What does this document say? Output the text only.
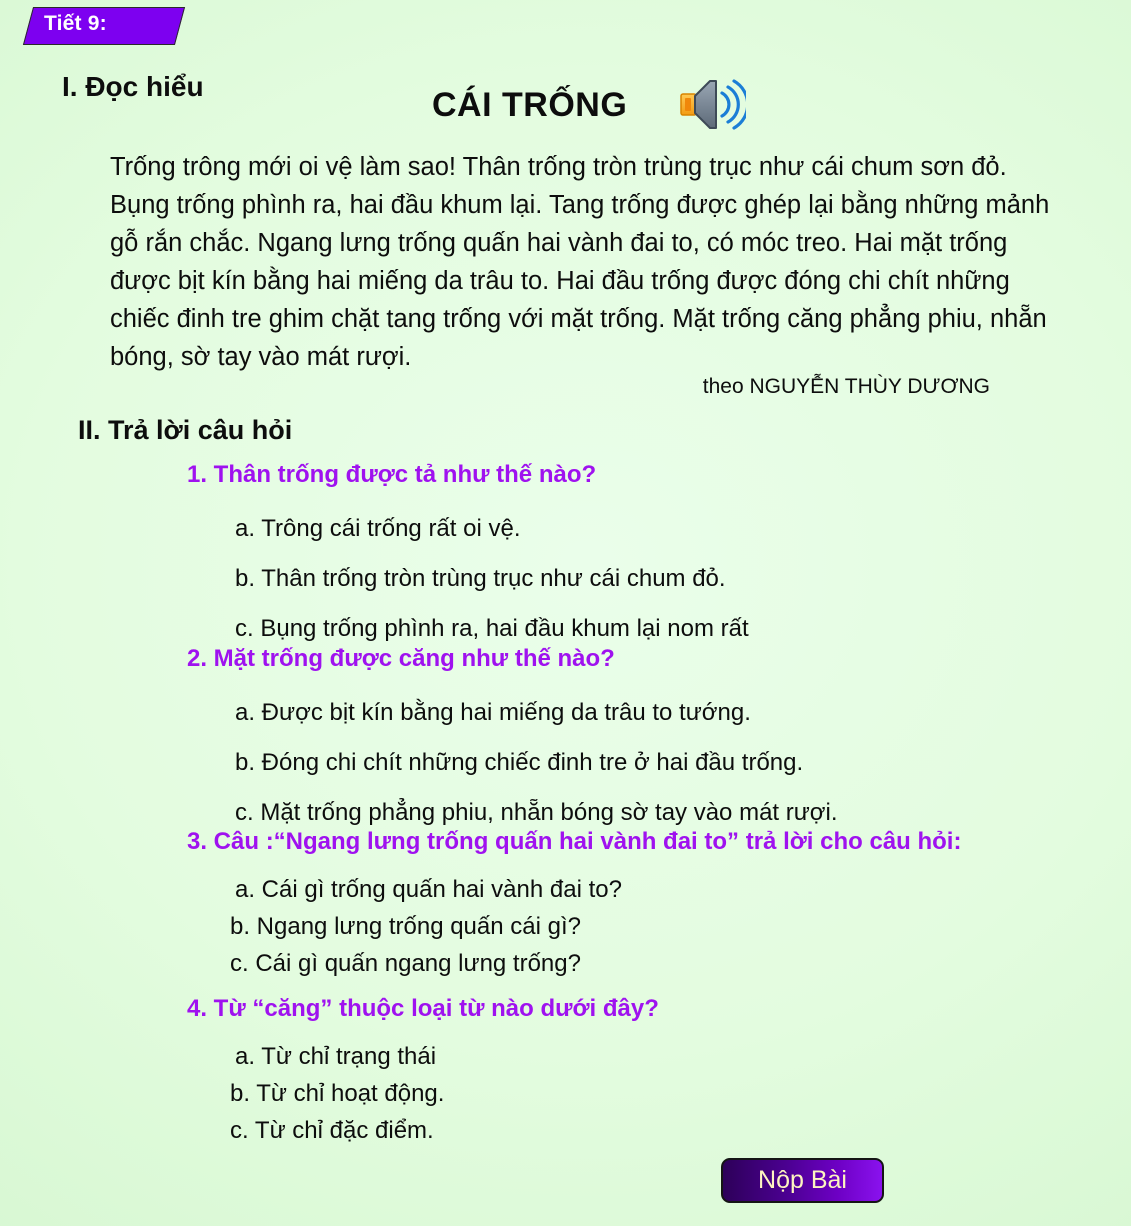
Tiết 9:
I. Đọc hiểu	CÁI TRỐNG
Trống trông mới oi vệ làm sao! Thân trống tròn trùng trục như cái chum sơn đỏ. Bụng trống phình ra, hai đầu khum lại. Tang trống được ghép lại bằng những mảnh gỗ rắn chắc. Ngang lưng trống quấn hai vành đai to, có móc treo. Hai mặt trống được bịt kín bằng hai miếng da trâu to. Hai đầu trống được đóng chi chít những chiếc đinh tre ghim chặt tang trống với mặt trống. Mặt trống căng phẳng phiu, nhẵn bóng, sờ tay vào mát rượi.
theo NGUYỄN THÙY DƯƠNG
II. Trả lời câu hỏi

1. Thân trống được tả như thế nào?

a. Trông cái trống rất oi vệ.

b. Thân trống tròn trùng trục như cái chum đỏ.

c. Bụng trống phình ra, hai đầu khum lại nom rất

2. Mặt trống được căng như thế nào?

a. Được bịt kín bằng hai miếng da trâu to tướng.

b. Đóng chi chít những chiếc đinh tre ở hai đầu trống.

c. Mặt trống phẳng phiu, nhẵn bóng sờ tay vào mát rượi.

3. Câu :“Ngang lưng trống quấn hai vành đai to” trả lời cho câu hỏi:

a. Cái gì trống quấn hai vành đai to?

b. Ngang lưng trống quấn cái gì?

c. Cái gì quấn ngang lưng trống?

4. Từ “căng” thuộc loại từ nào dưới đây?

a. Từ chỉ trạng thái

b. Từ chỉ hoạt động.

c. Từ chỉ đặc điểm.

Nộp Bài
